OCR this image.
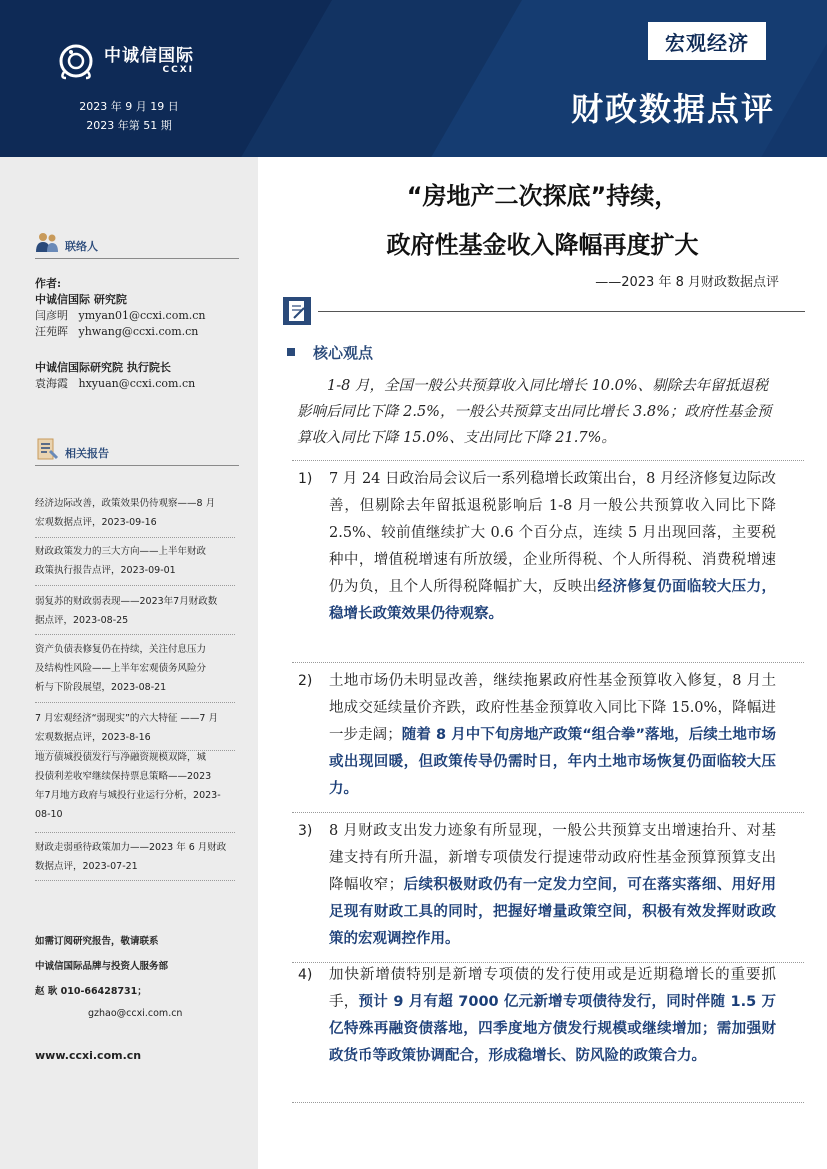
中诚信国际
CCXI
2023 年 9 月 19 日
2023 年第 51 期
宏观经济
财政数据点评
联络人
作者:
中诚信国际 研究院
闫彦明 ymyan01@ccxi.com.cn
汪苑晖 yhwang@ccxi.com.cn
中诚信国际研究院 执行院长
袁海霞 hxyuan@ccxi.com.cn
相关报告
经济边际改善，政策效果仍待观察——8 月
宏观数据点评，2023-09-16
财政政策发力的三大方向——上半年财政
政策执行报告点评，2023-09-01
弱复苏的财政弱表现——2023年7月财政数
据点评，2023-08-25
资产负债表修复仍在持续，关注付息压力
及结构性风险——上半年宏观债务风险分
析与下阶段展望，2023-08-21
7 月宏观经济“弱现实”的六大特征 ——7 月
宏观数据点评，2023-8-16
地方债城投债发行与净融资规模双降，城
投债利差收窄继续保持票息策略——2023
年7月地方政府与城投行业运行分析，2023-
08-10
财政走弱亟待政策加力——2023 年 6 月财政
数据点评，2023-07-21
如需订阅研究报告，敬请联系
中诚信国际品牌与投资人服务部
赵 耿 010-66428731；
gzhao@ccxi.com.cn
www.ccxi.com.cn
“房地产二次探底”持续，
政府性基金收入降幅再度扩大
——2023 年 8 月财政数据点评
核心观点
1-8 月，全国一般公共预算收入同比增长 10.0%、剔除去年留抵退税影响后同比下降 2.5%，一般公共预算支出同比增长 3.8%；政府性基金预算收入同比下降 15.0%、支出同比下降 21.7%。
1) 7 月 24 日政治局会议后一系列稳增长政策出台，8 月经济修复边际改善，但剔除去年留抵退税影响后 1-8 月一般公共预算收入同比下降 2.5%、较前值继续扩大 0.6 个百分点，连续 5 月出现回落，主要税种中，增值税增速有所放缓，企业所得税、个人所得税、消费税增速仍为负，且个人所得税降幅扩大，反映出经济修复仍面临较大压力，稳增长政策效果仍待观察。
2) 土地市场仍未明显改善，继续拖累政府性基金预算收入修复，8 月土地成交延续量价齐跌，政府性基金预算收入同比下降 15.0%，降幅进一步走阔；随着 8 月中下旬房地产政策“组合拳”落地，后续土地市场或出现回暖，但政策传导仍需时日，年内土地市场恢复仍面临较大压力。
3) 8 月财政支出发力迹象有所显现，一般公共预算支出增速抬升、对基建支持有所升温，新增专项债发行提速带动政府性基金预算预算支出降幅收窄；后续积极财政仍有一定发力空间，可在落实落细、用好用足现有财政工具的同时，把握好增量政策空间，积极有效发挥财政政策的宏观调控作用。
4) 加快新增债特别是新增专项债的发行使用或是近期稳增长的重要抓手，预计 9 月有超 7000 亿元新增专项债待发行，同时伴随 1.5 万亿特殊再融资债落地，四季度地方债发行规模或继续增加；需加强财政货币等政策协调配合，形成稳增长、防风险的政策合力。
